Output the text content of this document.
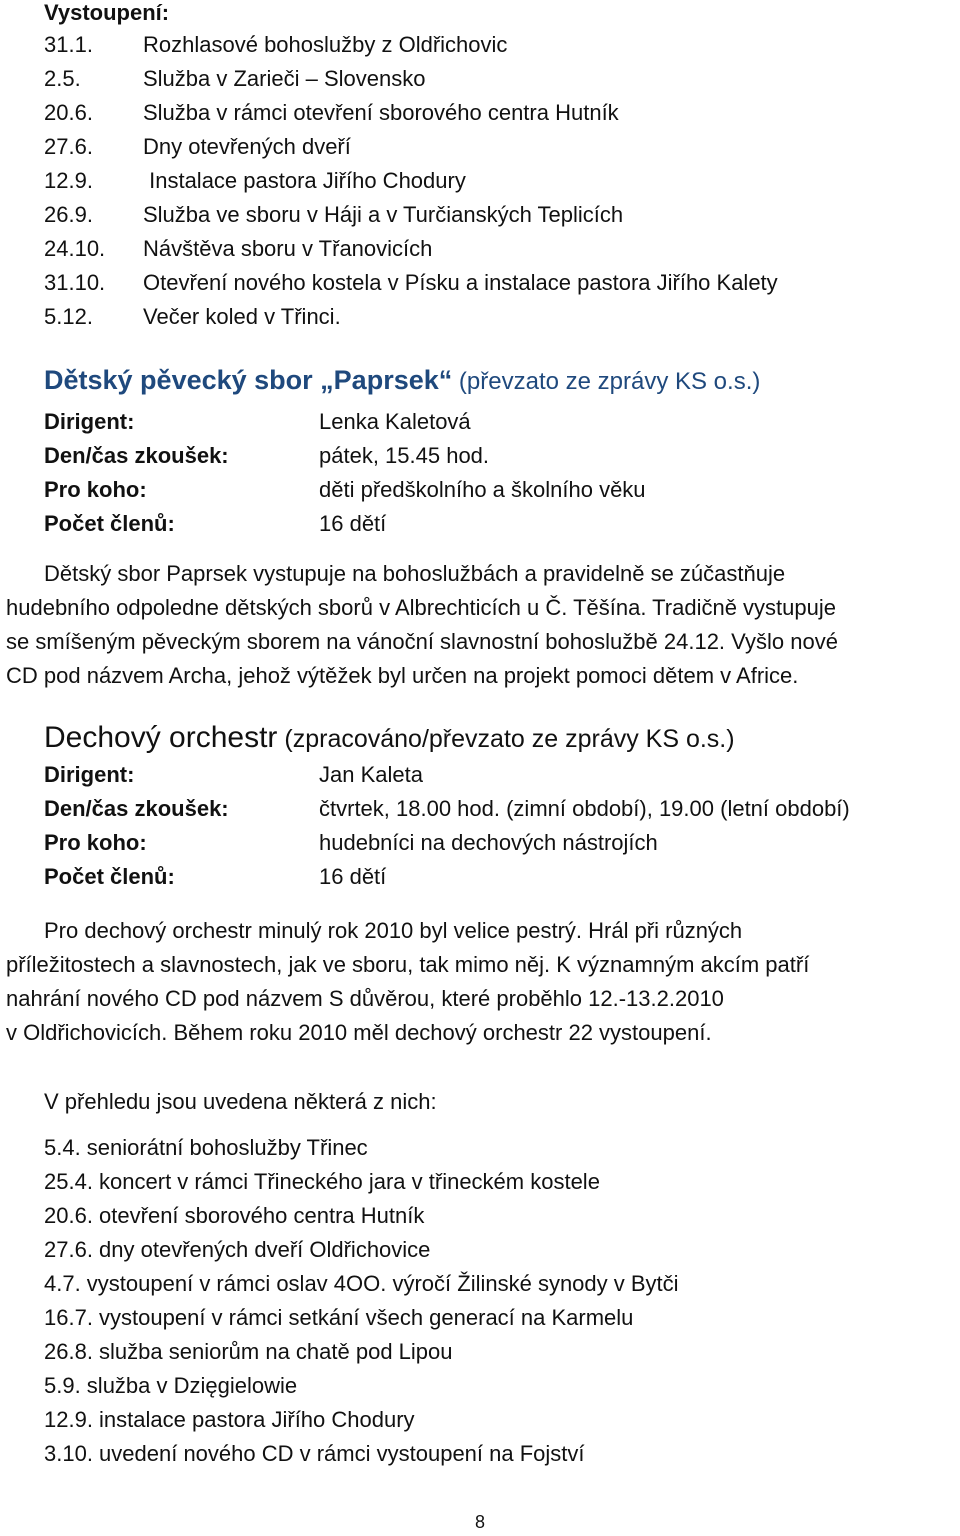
Vystoupení:
31.1. Rozhlasové bohoslužby z Oldřichovic
2.5.	Služba v Zarieči – Slovensko
20.6. Služba v rámci otevření sborového centra Hutník
27.6. Dny otevřených dveří
12.9. Instalace pastora Jiřího Chodury
26.9. Služba ve sboru v Háji a v Turčianských Teplicích
24.10. Návštěva sboru v Třanovicích
31.10. Otevření nového kostela v Písku a instalace pastora Jiřího Kalety
5.12. Večer koled v Třinci.
Dětský pěvecký sbor „Paprsek“ (převzato ze zprávy KS o.s.)
Dirigent:	Lenka Kaletová
Den/čas zkoušek:	pátek, 15.45 hod.
Pro koho:	děti předškolního a školního věku
Počet členů:	16 dětí
Dětský sbor Paprsek vystupuje na bohoslužbách a pravidelně se zúčastňuje
hudebního odpoledne dětských sborů v Albrechticích u Č. Těšína. Tradičně vystupuje
se smíšeným pěveckým sborem na vánoční slavnostní bohoslužbě 24.12. Vyšlo nové
CD pod názvem Archa, jehož výtěžek byl určen na projekt pomoci dětem v Africe.
Dechový orchestr (zpracováno/převzato ze zprávy KS o.s.)
Dirigent:	Jan Kaleta
Den/čas zkoušek:	čtvrtek, 18.00 hod. (zimní období), 19.00 (letní období)
Pro koho:	hudebníci na dechových nástrojích
Počet členů:	16 dětí
Pro dechový orchestr minulý rok 2010 byl velice pestrý. Hrál při různých
příležitostech a slavnostech, jak ve sboru, tak mimo něj. K významným akcím patří
nahrání nového CD pod názvem S důvěrou, které proběhlo 12.-13.2.2010
v Oldřichovicích. Během roku 2010 měl dechový orchestr 22 vystoupení.
V přehledu jsou uvedena některá z nich:
5.4. seniorátní bohoslužby Třinec
25.4. koncert v rámci Třineckého jara v třineckém kostele
20.6. otevření sborového centra Hutník
27.6. dny otevřených dveří Oldřichovice
4.7. vystoupení v rámci oslav 4OO. výročí Žilinské synody v Bytči
16.7. vystoupení v rámci setkání všech generací na Karmelu
26.8. služba seniorům na chatě pod Lipou
5.9. služba v Dzięgielowie
12.9. instalace pastora Jiřího Chodury
3.10. uvedení nového CD v rámci vystoupení na Fojství
8
